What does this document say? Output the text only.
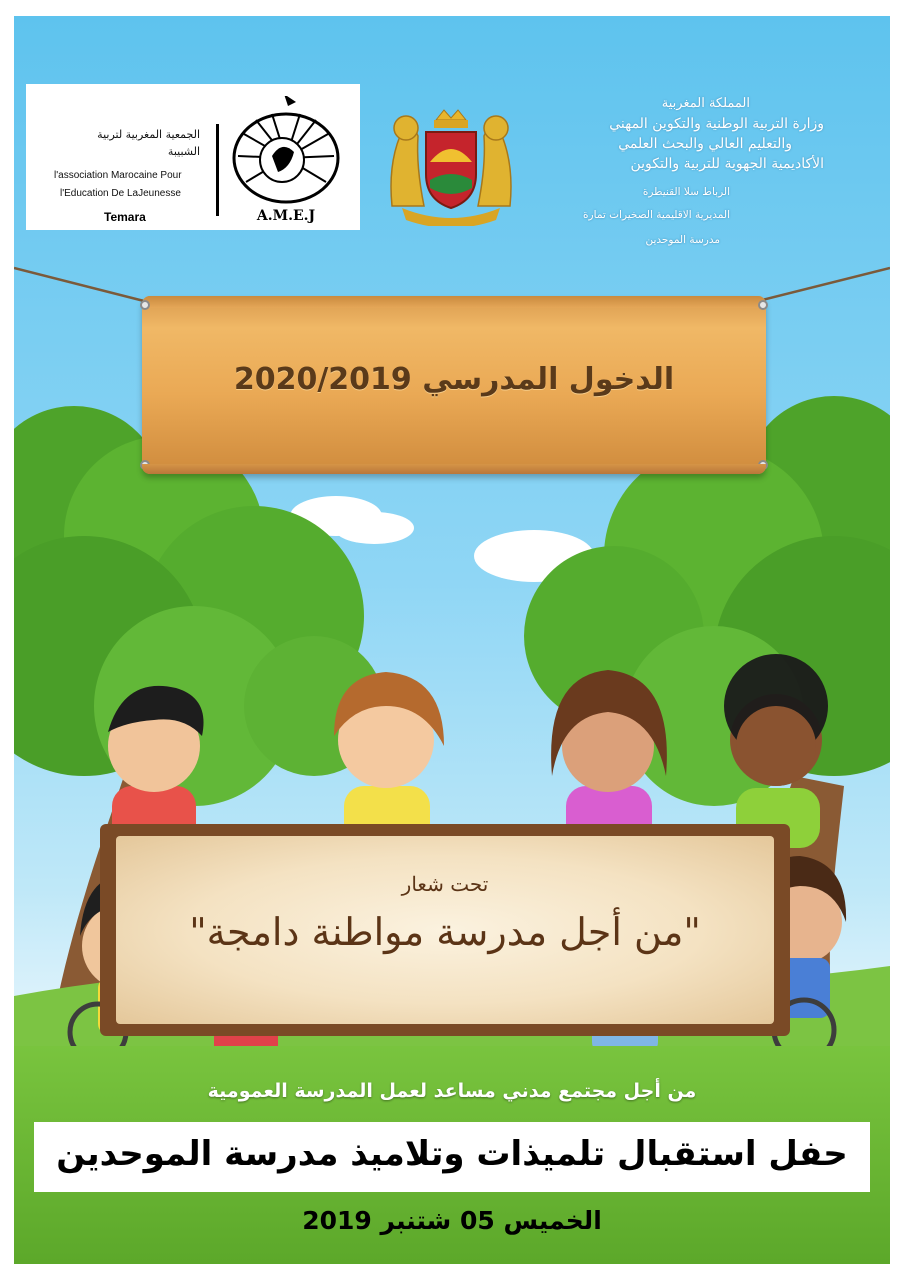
الجمعية المغربية لتربية
الشبيبة
l'association Marocaine Pour
l'Education De LaJeunesse
Temara	A.M.E.J
المملكة المغربية
وزارة التربية الوطنية والتكوين المهني
والتعليم العالي والبحث العلمي
الأكاديمية الجهوية للتربية والتكوين
الرباط سلا القنيطرة
المديرية الاقليمية الصخيرات تمارة
مدرسة الموحدين
الدخول المدرسي 2020/2019
تحت شعار
"من أجل مدرسة مواطنة دامجة"
من أجل مجتمع مدني مساعد لعمل المدرسة العمومية
حفل استقبال تلميذات وتلاميذ مدرسة الموحدين
الخميس 05 شتنبر 2019
